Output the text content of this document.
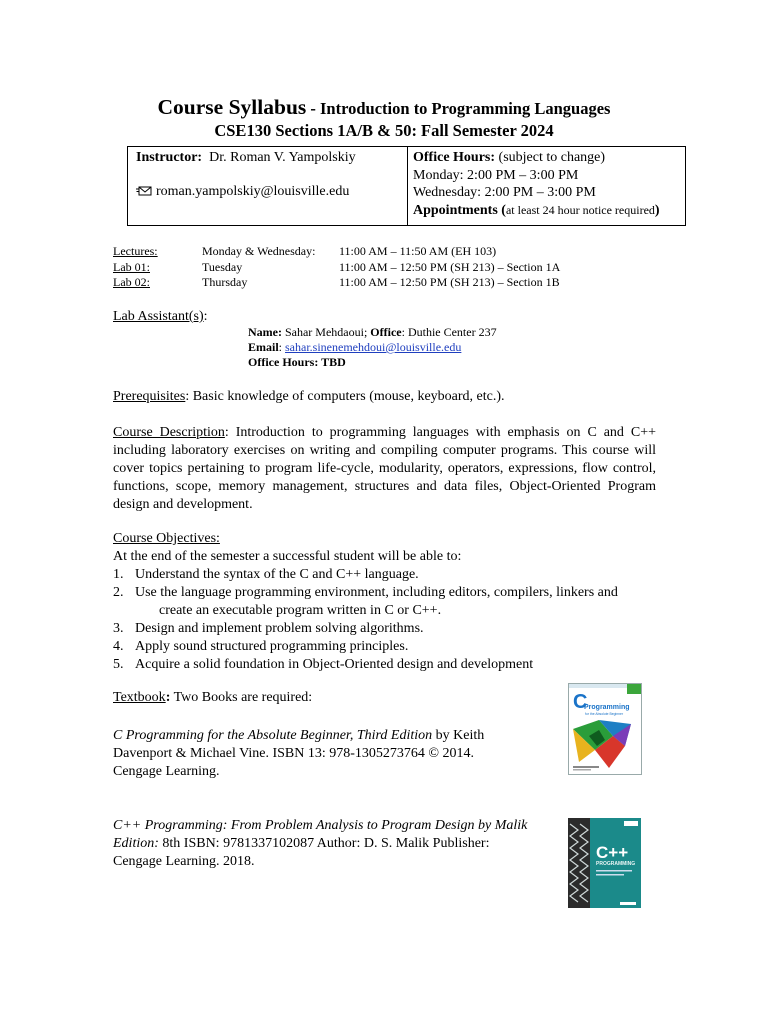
Course Syllabus - Introduction to Programming Languages
CSE130 Sections 1A/B & 50: Fall Semester 2024
Instructor: Dr. Roman V. Yampolskiy
roman.yampolskiy@louisville.edu
Office Hours: (subject to change)
Monday: 2:00 PM – 3:00 PM
Wednesday: 2:00 PM – 3:00 PM
Appointments (at least 24 hour notice required)
Lectures:	Monday & Wednesday: 11:00 AM – 11:50 AM (EH 103)
Lab 01:	Tuesday	11:00 AM – 12:50 PM (SH 213) – Section 1A
Lab 02:	Thursday	11:00 AM – 12:50 PM (SH 213) – Section 1B
Lab Assistant(s):
Name: Sahar Mehdaoui; Office: Duthie Center 237
Email: sahar.sinenemehdoui@louisville.edu
Office Hours: TBD
Prerequisites: Basic knowledge of computers (mouse, keyboard, etc.).
Course Description: Introduction to programming languages with emphasis on C and C++ including laboratory exercises on writing and compiling computer programs. This course will cover topics pertaining to program life-cycle, modularity, operators, expressions, flow control, functions, scope, memory management, structures and data files, Object-Oriented Program design and development.
Course Objectives:
At the end of the semester a successful student will be able to:
1. Understand the syntax of the C and C++ language.
2. Use the language programming environment, including editors, compilers, linkers and
create an executable program written in C or C++.
3. Design and implement problem solving algorithms.
4. Apply sound structured programming principles.
5. Acquire a solid foundation in Object-Oriented design and development
Textbook: Two Books are required:
C Programming for the Absolute Beginner, Third Edition by Keith Davenport & Michael Vine. ISBN 13: 978-1305273764 © 2014. Cengage Learning.
C++ Programming: From Problem Analysis to Program Design by Malik Edition: 8th ISBN: 9781337102087 Author: D. S. Malik Publisher: Cengage Learning. 2018.
C
Programming
for the Absolute Beginner
C++
PROGRAMMING
